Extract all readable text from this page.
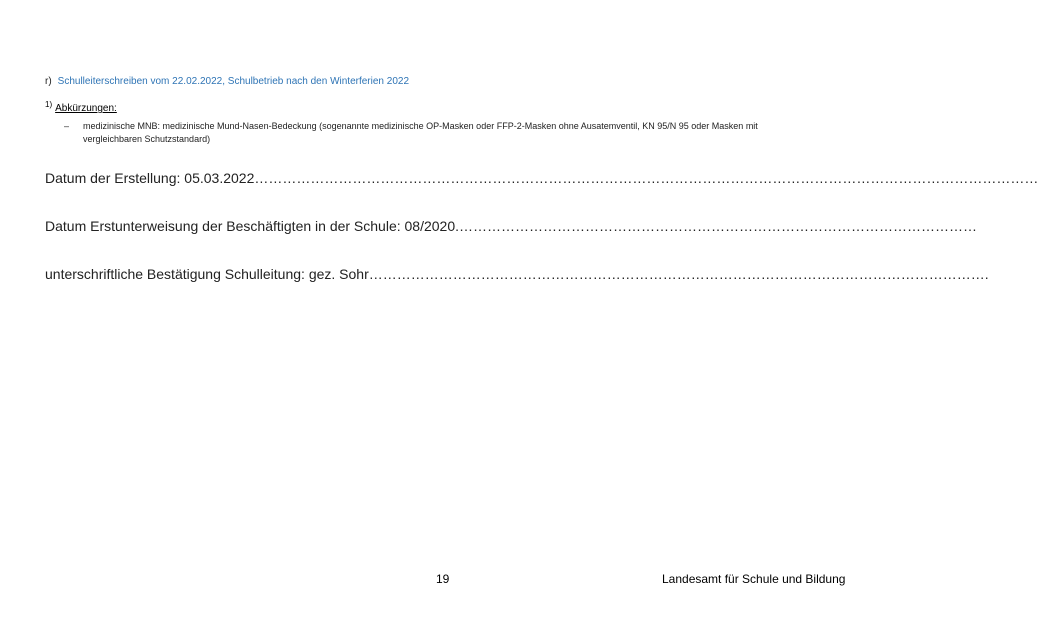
r) Schulleiterschreiben vom 22.02.2022, Schulbetrieb nach den Winterferien 2022
$^{1)}$ Abkürzungen:
– medizinische MNB: medizinische Mund-Nasen-Bedeckung (sogenannte medizinische OP-Masken oder FFP-2-Masken ohne Ausatemventil, KN 95/N 95 oder Masken mit vergleichbaren Schutzstandard)
Datum der Erstellung: 05.03.2022……………………………………………………………………………………………………………………………………………………
Datum Erstunterweisung der Beschäftigten in der Schule: 08/2020.…………………………………………………………………………………………………
unterschriftliche Bestätigung Schulleitung: gez. Sohr…………………………………………………………………………………………………………………….
19	Landesamt für Schule und Bildung
